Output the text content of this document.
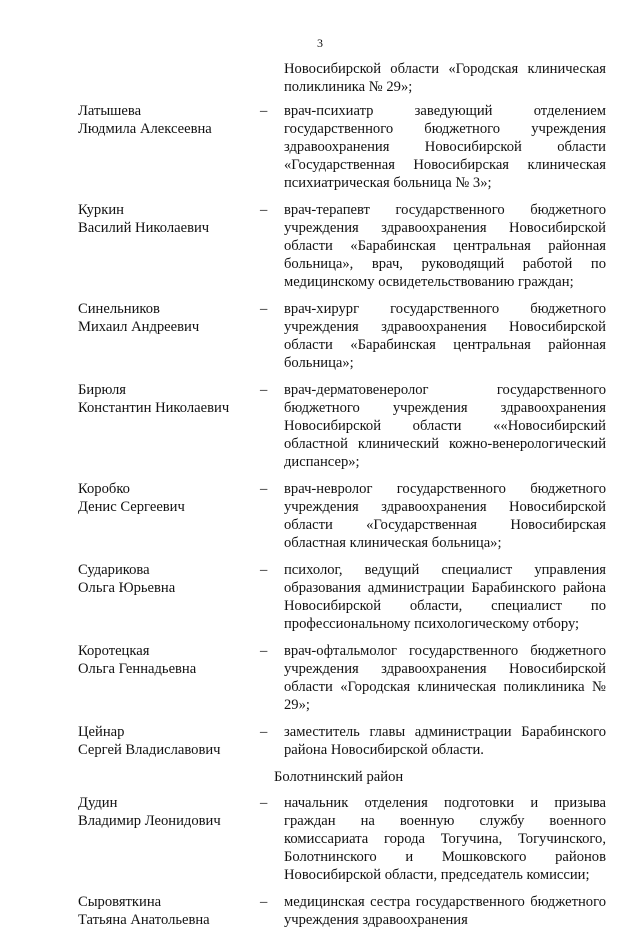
3
Новосибирской области «Городская клиническая поликлиника № 29»;
Латышева
Людмила Алексеевна
–	врач-психиатр заведующий отделением государственного бюджетного учреждения здравоохранения Новосибирской области «Государственная Новосибирская клиническая психиатрическая больница № 3»;
Куркин
Василий Николаевич
–	врач-терапевт государственного бюджетного учреждения здравоохранения Новосибирской области «Барабинская центральная районная больница», врач, руководящий работой по медицинскому освидетельствованию граждан;
Синельников
Михаил Андреевич
–	врач-хирург государственного бюджетного учреждения здравоохранения Новосибирской области «Барабинская центральная районная больница»;
Бирюля
Константин Николаевич
–	врач-дерматовенеролог государственного бюджетного учреждения здравоохранения Новосибирской области ««Новосибирский областной клинический кожно-венерологический диспансер»;
Коробко
Денис Сергеевич
–	врач-невролог государственного бюджетного учреждения здравоохранения Новосибирской области «Государственная Новосибирская областная клиническая больница»;
Сударикова
Ольга Юрьевна
–	психолог, ведущий специалист управления образования администрации Барабинского района Новосибирской области, специалист по профессиональному психологическому отбору;
Коротецкая
Ольга Геннадьевна
–	врач-офтальмолог государственного бюджетного учреждения здравоохранения Новосибирской области «Городская клиническая поликлиника № 29»;
Цейнар
Сергей Владиславович
–	заместитель главы администрации Барабинского района Новосибирской области.
Болотнинский район
Дудин
Владимир Леонидович
–	начальник отделения подготовки и призыва граждан на военную службу военного комиссариата города Тогучина, Тогучинского, Болотнинского и Мошковского районов Новосибирской области, председатель комиссии;
Сыровяткина
Татьяна Анатольевна
–	медицинская сестра государственного бюджетного учреждения здравоохранения
